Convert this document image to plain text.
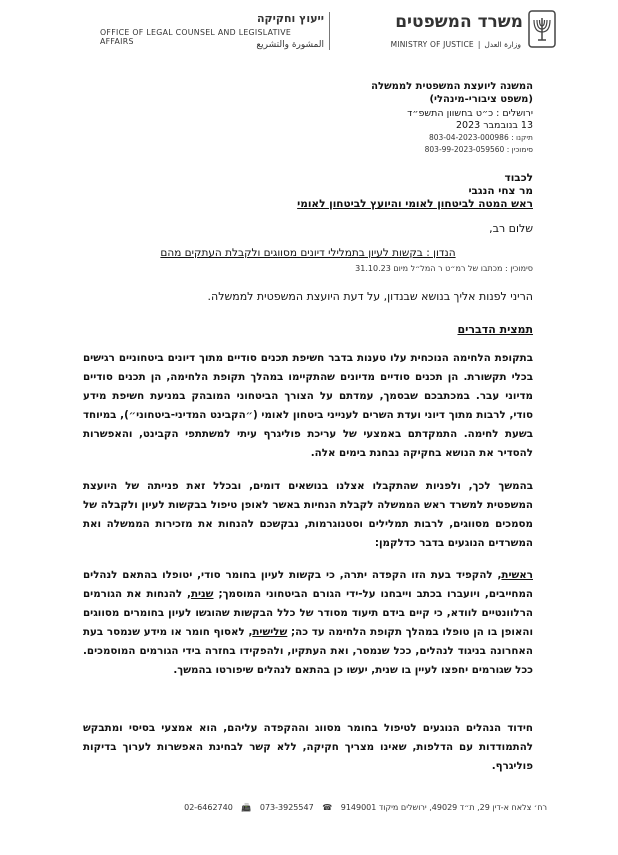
משרד המשפטים
وزارة العدل|MINISTRY OF JUSTICE
ייעוץ וחקיקה
OFFICE OF LEGAL COUNSEL AND LEGISLATIVE AFFAIRS	المشورة والتشريع
המשנה ליועצת המשפטית לממשלה
(משפט ציבורי-מינהלי)
ירושלים : כ״ט בחשוון התשפ״ד
13 בנובמבר 2023
תיקנו : 803-04-2023-000986
סימוכין : 803-99-2023-059560
לכבוד
מר צחי הנגבי
ראש המטה לביטחון לאומי והיועץ לביטחון לאומי
שלום רב,
הנדון : בקשות לעיון בתמלילי דיונים מסווגים ולקבלת העתקים מהם
סימוכין : מכתבו של רמ״ט ר המל״ל מיום 31.10.23
הריני לפנות אליך בנושא שבנדון, על דעת היועצת המשפטית לממשלה.
תמצית הדברים
בתקופת הלחימה הנוכחית עלו טענות בדבר חשיפת תכנים סודיים מתוך דיונים ביטחוניים רגישים בכלי תקשורת. הן תכנים סודיים מדיונים שהתקיימו במהלך תקופת הלחימה, הן תכנים סודיים מדיוני עבר. במכתבכם שבסמך, עמדתם על הצורך הביטחוני המובהק במניעת חשיפת מידע סודי, לרבות מתוך דיוני ועדת השרים לענייני ביטחון לאומי (״הקבינט המדיני-ביטחוני״), במיוחד בשעת לחימה. התמקדתם באמצעי של עריכת פוליגרף עיתי למשתתפי הקבינט, והאפשרות להסדיר את הנושא בחקיקה נבחנת בימים אלה.
בהמשך לכך, ולפניות שהתקבלו אצלנו בנושאים דומים, ובכלל זאת פנייתה של היועצת המשפטית למשרד ראש הממשלה לקבלת הנחיות באשר לאופן טיפול בבקשות לעיון ולקבלה של מסמכים מסווגים, לרבות תמלילים וסטנוגרמות, נבקשכם להנחות את מזכירות הממשלה ואת המשרדים הנוגעים בדבר כדלקמן:
ראשית, להקפיד בעת הזו הקפדה יתרה, כי בקשות לעיון בחומר סודי, יטופלו בהתאם לנהלים המחייבים, ויועברו בכתב וייבחנו על-ידי הגורם הביטחוני המוסמך; שנית, להנחות את הגורמים הרלוונטיים לוודא, כי קיים בידם תיעוד מסודר של כלל הבקשות שהוגשו לעיון בחומרים מסווגים והאופן בו הן טופלו במהלך תקופת הלחימה עד כה; שלישית, לאסוף חומר או מידע שנמסר בעת האחרונה בניגוד לנהלים, ככל שנמסר, ואת העתקיו, ולהפקידו בחזרה בידי הגורמים המוסמכים. ככל שגורמים יחפצו לעיין בו שנית, יעשו כן בהתאם לנהלים שיפורטו בהמשך.
חידוד הנהלים הנוגעים לטיפול בחומר מסווג וההקפדה עליהם, הוא אמצעי בסיסי ומתבקש להתמודדות עם הדלפות, שאינו מצריך חקיקה, ללא קשר לבחינת האפשרות לערוך בדיקות פוליגרף.
רח׳ צלאח א-דין 29, ת״ד 49029, ירושלים מיקוד 9149001 ☎ 073-3925547 📠 02-6462740
